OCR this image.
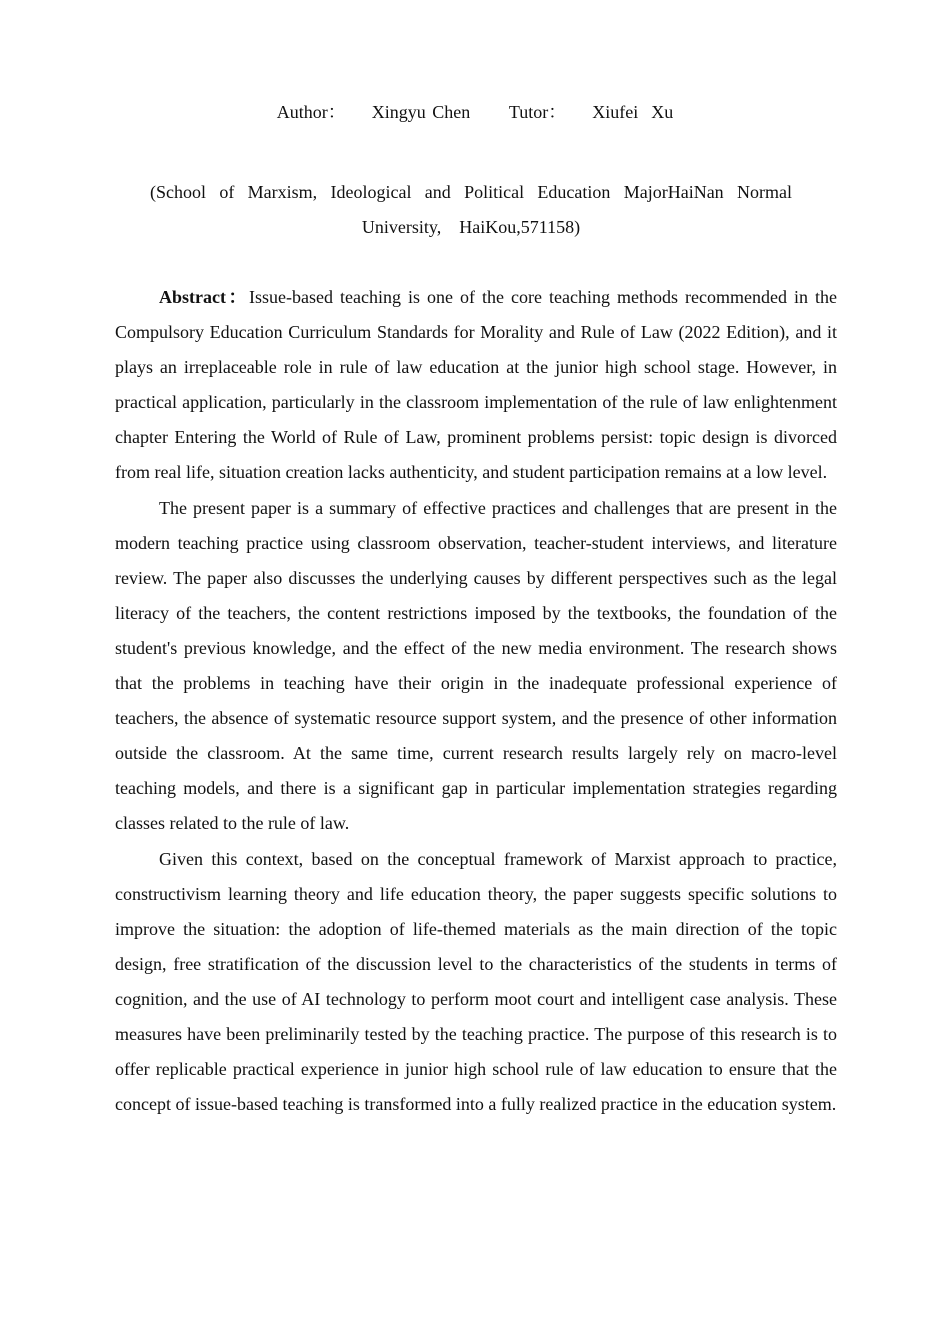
Author： Xingyu Chen Tutor： Xiufei  Xu
(School of Marxism, Ideological and Political Education MajorHaiNan Normal
University,    HaiKou,571158)

Abstract：Issue-based teaching is one of the core teaching methods recommended in the Compulsory Education Curriculum Standards for Morality and Rule of Law (2022 Edition), and it plays an irreplaceable role in rule of law education at the junior high school stage. However, in practical application, particularly in the classroom implementation of the rule of law enlightenment chapter Entering the World of Rule of Law, prominent problems persist: topic design is divorced from real life, situation creation lacks authenticity, and student participation remains at a low level.

The present paper is a summary of effective practices and challenges that are present in the modern teaching practice using classroom observation, teacher-student interviews, and literature review. The paper also discusses the underlying causes by different perspectives such as the legal literacy of the teachers, the content restrictions imposed by the textbooks, the foundation of the student's previous knowledge, and the effect of the new media environment. The research shows that the problems in teaching have their origin in the inadequate professional experience of teachers, the absence of systematic resource support system, and the presence of other information outside the classroom. At the same time, current research results largely rely on macro-level teaching models, and there is a significant gap in particular implementation strategies regarding classes related to the rule of law.

Given this context, based on the conceptual framework of Marxist approach to practice, constructivism learning theory and life education theory, the paper suggests specific solutions to improve the situation: the adoption of life-themed materials as the main direction of the topic design, free stratification of the discussion level to the characteristics of the students in terms of cognition, and the use of AI technology to perform moot court and intelligent case analysis. These measures have been preliminarily tested by the teaching practice. The purpose of this research is to offer replicable practical experience in junior high school rule of law education to ensure that the concept of issue-based teaching is transformed into a fully realized practice in the education system.
